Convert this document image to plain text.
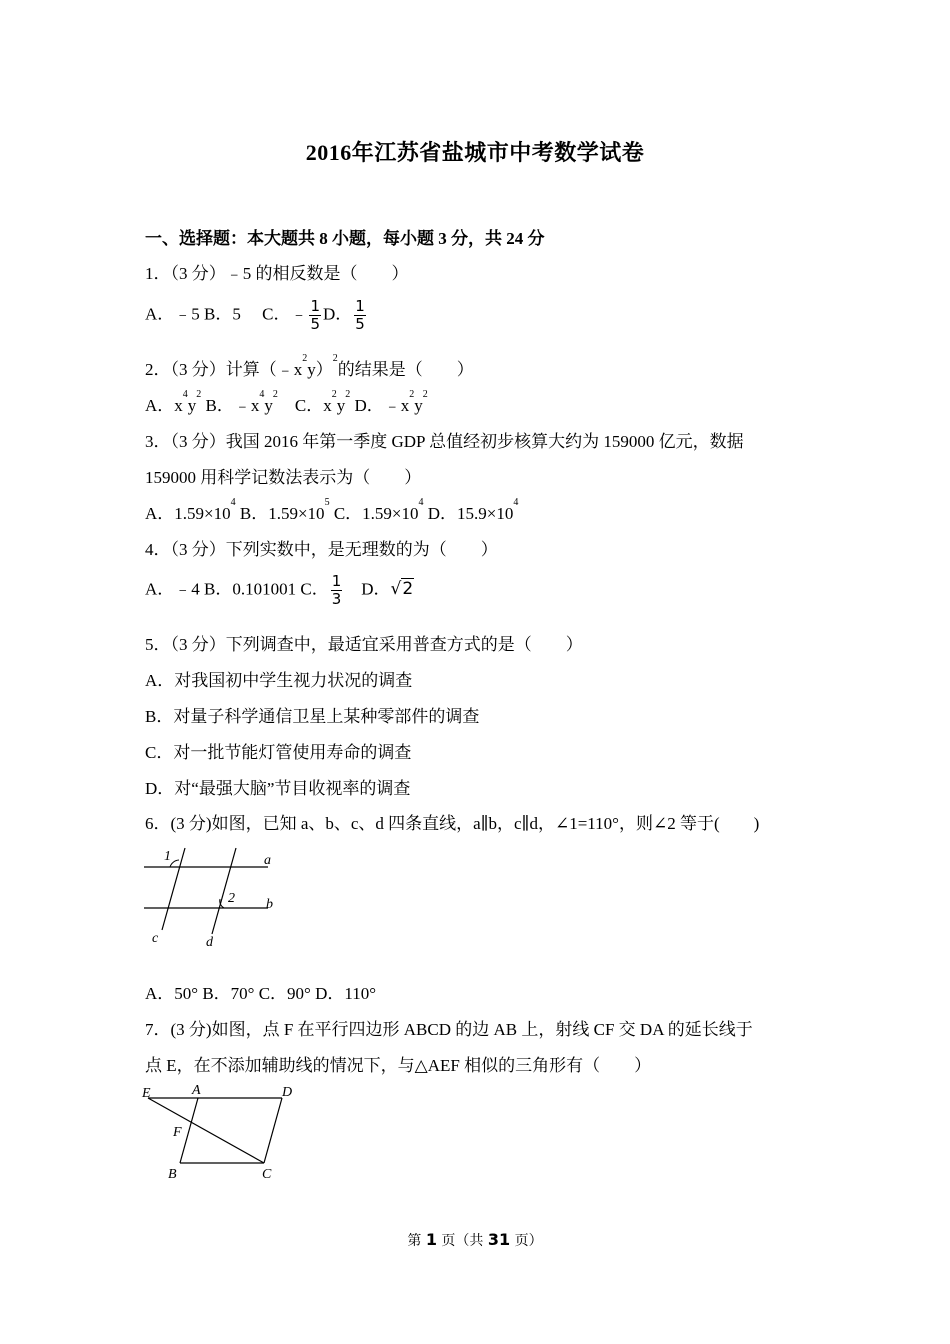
2016年江苏省盐城市中考数学试卷
一、选择题：本大题共 8 小题，每小题 3 分，共 24 分
1．（3 分）﹣5 的相反数是（　　）
A．﹣5 B．5 　C．﹣ $\frac{1}{5}$ D． $\frac{1}{5}$
2．（3 分）计算$(﹣x^2y)^2$的结果是（　　）
A．$x^4y^2$ B．$﹣x^4y^2$　C．$x^2y^2$ D．$﹣x^2y^2$
3．（3 分）我国 2016 年第一季度 GDP 总值经初步核算大约为 159000 亿元，数据
159000 用科学记数法表示为（　　）
A．$1.59\times 10^4$ B．$1.59\times 10^5$ C．$1.59\times 10^4$ D．$15.9\times 10^4$
4．（3 分）下列实数中，是无理数的为（　　）
A．﹣4 B．0.101001 C． $\frac{1}{3}$ 　D．√2
5．（3 分）下列调查中，最适宜采用普查方式的是（　　）
A．对我国初中学生视力状况的调查
B．对量子科学通信卫星上某种零部件的调查
C．对一批节能灯管使用寿命的调查
D．对“最强大脑”节目收视率的调查
6．(3 分)如图，已知 a、b、c、d 四条直线，a∥b，c∥d，∠1=110°，则∠2 等于(　　)
1
2
a
b
c	d
A．50° B．70° C．90° D．110°
7．(3 分)如图，点 F 在平行四边形 ABCD 的边 AB 上，射线 CF 交 DA 的延长线于
点 E，在不添加辅助线的情况下，与△AEF 相似的三角形有（　　）
E	A	D
F
B	C
第 1 页（共 31 页）
